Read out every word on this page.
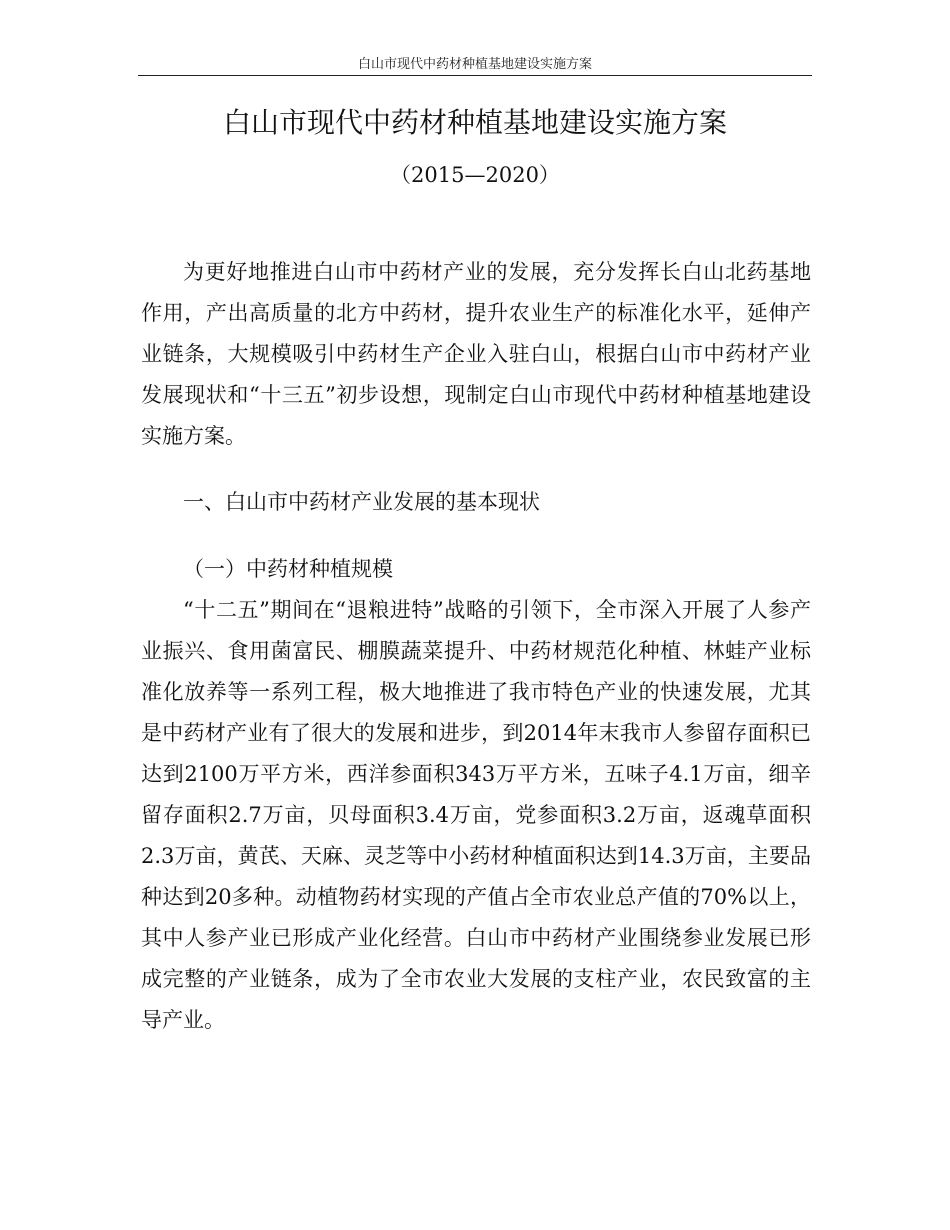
白山市现代中药材种植基地建设实施方案
白山市现代中药材种植基地建设实施方案
（2015—2020）

为更好地推进白山市中药材产业的发展，充分发挥长白山北药基地作用，产出高质量的北方中药材，提升农业生产的标准化水平，延伸产业链条，大规模吸引中药材生产企业入驻白山，根据白山市中药材产业发展现状和“十三五”初步设想，现制定白山市现代中药材种植基地建设实施方案。

一、白山市中药材产业发展的基本现状
（一）中药材种植规模

“十二五”期间在“退粮进特”战略的引领下，全市深入开展了人参产业振兴、食用菌富民、棚膜蔬菜提升、中药材规范化种植、林蛙产业标准化放养等一系列工程，极大地推进了我市特色产业的快速发展，尤其是中药材产业有了很大的发展和进步，到2014年末我市人参留存面积已达到2100万平方米，西洋参面积343万平方米，五味子4.1万亩，细辛留存面积2.7万亩，贝母面积3.4万亩，党参面积3.2万亩，返魂草面积2.3万亩，黄芪、天麻、灵芝等中小药材种植面积达到14.3万亩，主要品种达到20多种。动植物药材实现的产值占全市农业总产值的70%以上，其中人参产业已形成产业化经营。白山市中药材产业围绕参业发展已形成完整的产业链条，成为了全市农业大发展的支柱产业，农民致富的主导产业。
